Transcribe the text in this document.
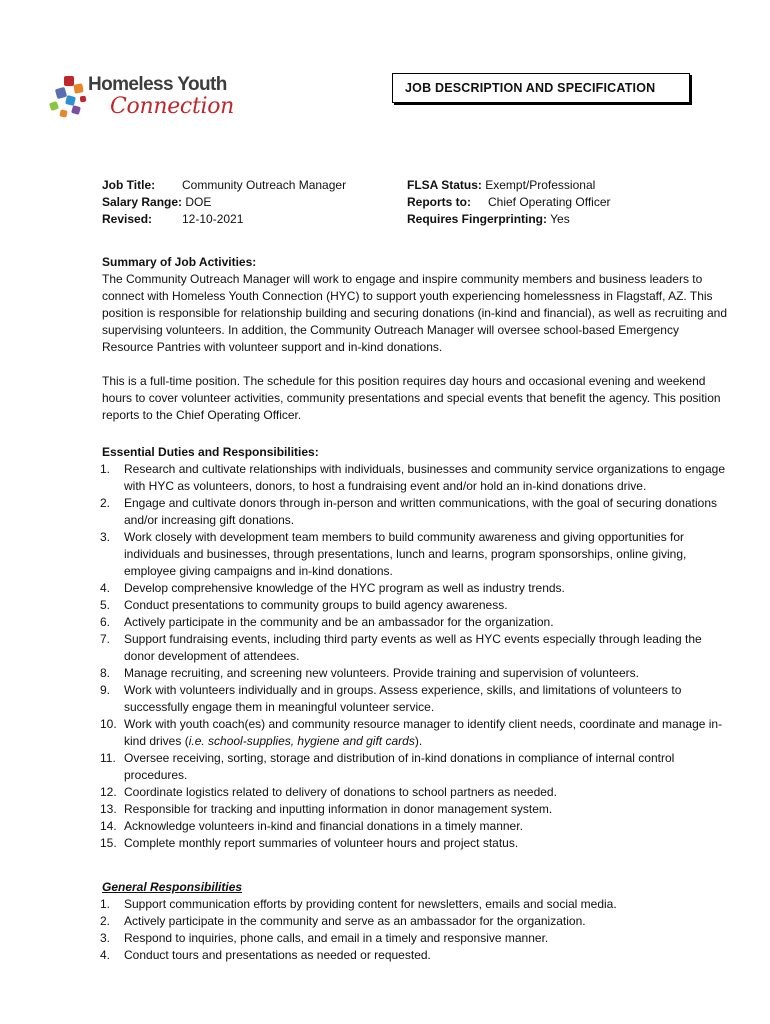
Homeless Youth
Connection
JOB DESCRIPTION AND SPECIFICATION
Job Title: Community Outreach Manager
Salary Range: DOE
Revised: 12-10-2021
FLSA Status: Exempt/Professional
Reports to: Chief Operating Officer
Requires Fingerprinting: Yes

Summary of Job Activities:

The Community Outreach Manager will work to engage and inspire community members and business leaders to connect with Homeless Youth Connection (HYC) to support youth experiencing homelessness in Flagstaff, AZ. This position is responsible for relationship building and securing donations (in-kind and financial), as well as recruiting and supervising volunteers. In addition, the Community Outreach Manager will oversee school-based Emergency Resource Pantries with volunteer support and in-kind donations.

This is a full-time position. The schedule for this position requires day hours and occasional evening and weekend hours to cover volunteer activities, community presentations and special events that benefit the agency. This position reports to the Chief Operating Officer.

Essential Duties and Responsibilities:

1.	Research and cultivate relationships with individuals, businesses and community service organizations to engage with HYC as volunteers, donors, to host a fundraising event and/or hold an in-kind donations drive.
2.	Engage and cultivate donors through in-person and written communications, with the goal of securing donations and/or increasing gift donations.
3.	Work closely with development team members to build community awareness and giving opportunities for individuals and businesses, through presentations, lunch and learns, program sponsorships, online giving, employee giving campaigns and in-kind donations.
4.	Develop comprehensive knowledge of the HYC program as well as industry trends.
5.	Conduct presentations to community groups to build agency awareness.
6.	Actively participate in the community and be an ambassador for the organization.
7.	Support fundraising events, including third party events as well as HYC events especially through leading the donor development of attendees.
8.	Manage recruiting, and screening new volunteers. Provide training and supervision of volunteers.
9.	Work with volunteers individually and in groups. Assess experience, skills, and limitations of volunteers to successfully engage them in meaningful volunteer service.
10. Work with youth coach(es) and community resource manager to identify client needs, coordinate and manage in-kind drives (i.e. school-supplies, hygiene and gift cards).
11. Oversee receiving, sorting, storage and distribution of in-kind donations in compliance of internal control procedures.
12. Coordinate logistics related to delivery of donations to school partners as needed.
13. Responsible for tracking and inputting information in donor management system.
14. Acknowledge volunteers in-kind and financial donations in a timely manner.
15. Complete monthly report summaries of volunteer hours and project status.

General Responsibilities

1.	Support communication efforts by providing content for newsletters, emails and social media.
2.	Actively participate in the community and serve as an ambassador for the organization.
3.	Respond to inquiries, phone calls, and email in a timely and responsive manner.
4.	Conduct tours and presentations as needed or requested.
